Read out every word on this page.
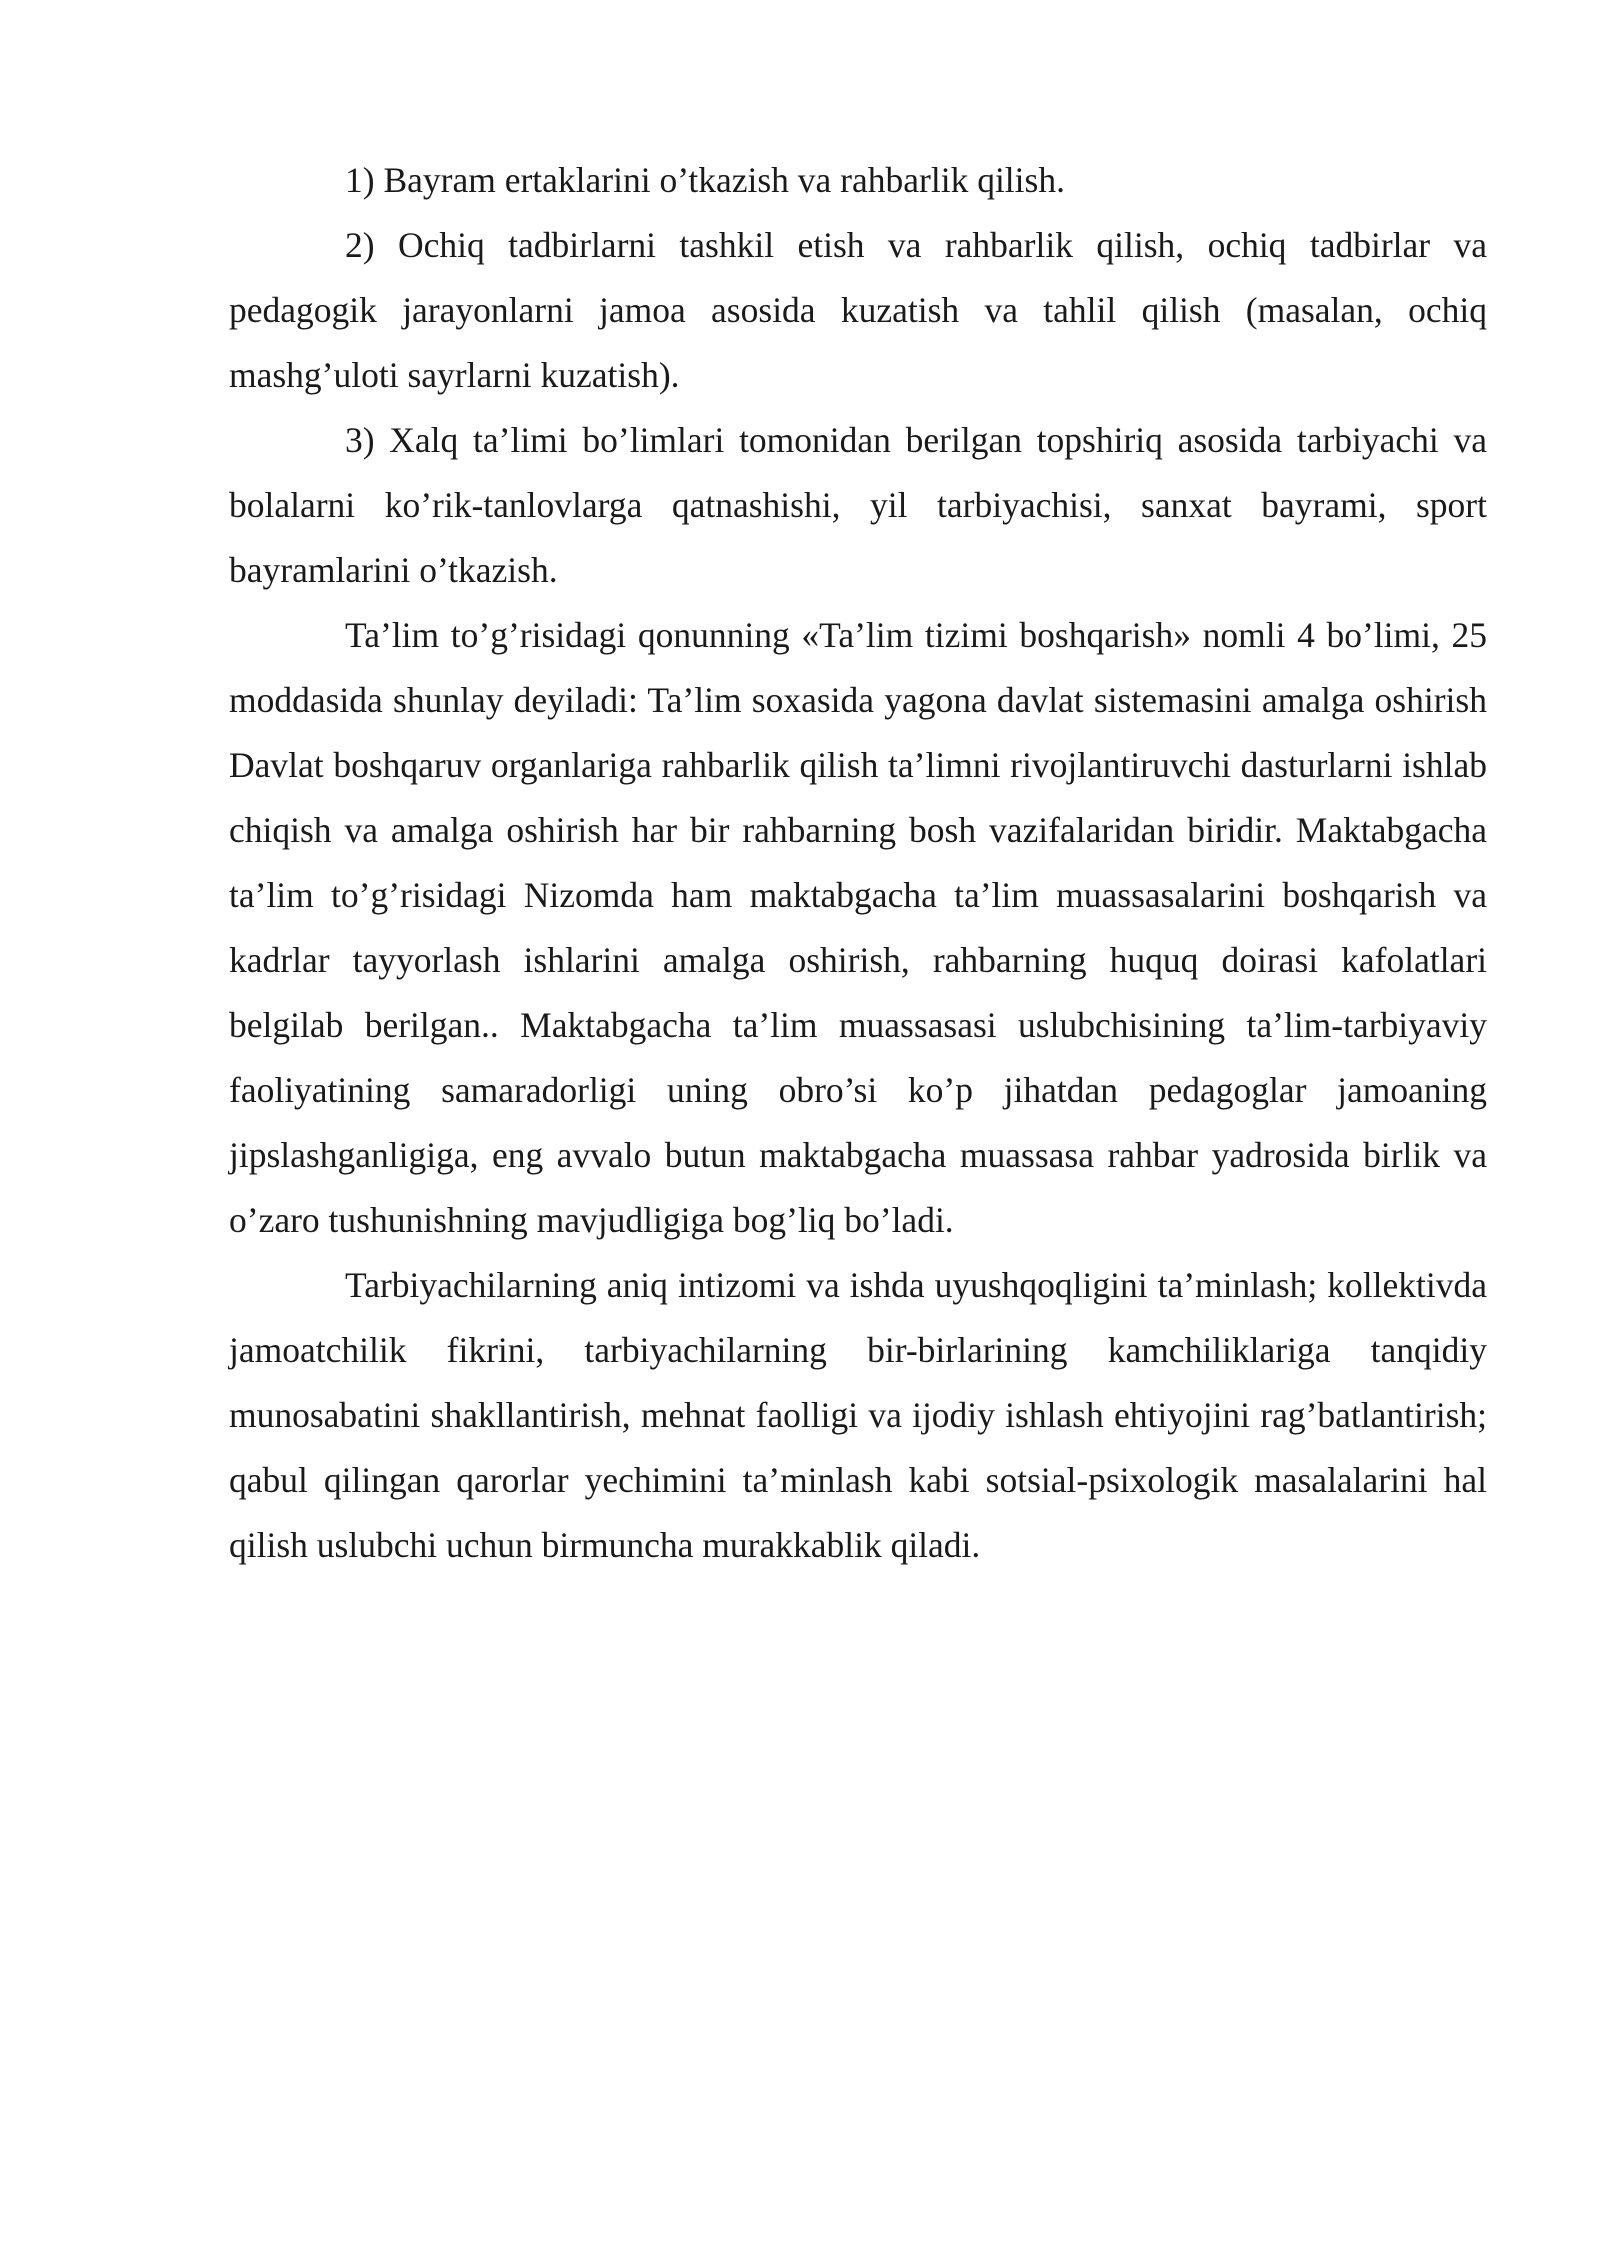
1) Bayram ertaklarini o’tkazish va rahbarlik qilish.

2) Ochiq tadbirlarni tashkil etish va rahbarlik qilish, ochiq tadbirlar va pedagogik jarayonlarni jamoa asosida kuzatish va tahlil qilish (masalan, ochiq mashg’uloti sayrlarni kuzatish).

3) Xalq ta’limi bo’limlari tomonidan berilgan topshiriq asosida tarbiyachi va bolalarni ko’rik-tanlovlarga qatnashishi, yil tarbiyachisi, sanxat bayrami, sport bayramlarini o’tkazish.

Ta’lim to’g’risidagi qonunning «Ta’lim tizimi boshqarish» nomli 4 bo’limi, 25 moddasida shunlay deyiladi: Ta’lim soxasida yagona davlat sistemasini amalga oshirish Davlat boshqaruv organlariga rahbarlik qilish ta’limni rivojlantiruvchi dasturlarni ishlab chiqish va amalga oshirish har bir rahbarning bosh vazifalaridan biridir. Maktabgacha ta’lim to’g’risidagi Nizomda ham maktabgacha ta’lim muassasalarini boshqarish va kadrlar tayyorlash ishlarini amalga oshirish, rahbarning huquq doirasi kafolatlari belgilab berilgan.. Maktabgacha ta’lim muassasasi uslubchisining ta’lim-tarbiyaviy faoliyatining samaradorligi uning obro’si ko’p jihatdan pedagoglar jamoaning jipslashganligiga, eng avvalo butun maktabgacha muassasa rahbar yadrosida birlik va o’zaro tushunishning mavjudligiga bog’liq bo’ladi.

Tarbiyachilarning aniq intizomi va ishda uyushqoqligini ta’minlash; kollektivda jamoatchilik fikrini, tarbiyachilarning bir-birlarining kamchiliklariga tanqidiy munosabatini shakllantirish, mehnat faolligi va ijodiy ishlash ehtiyojini rag’batlantirish; qabul qilingan qarorlar yechimini ta’minlash kabi sotsial-psixologik masalalarini hal qilish uslubchi uchun birmuncha murakkablik qiladi.
